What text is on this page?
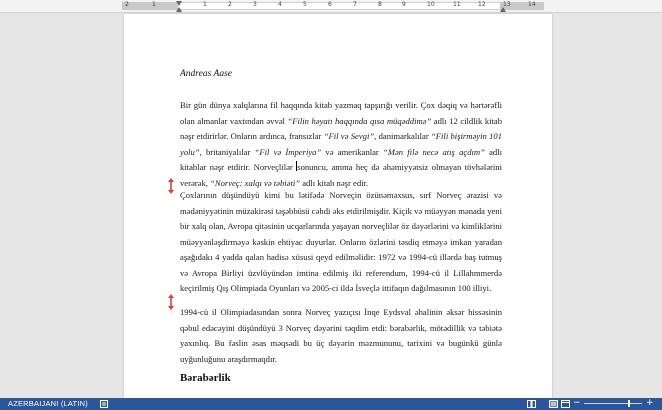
2	1	1	2	3	4	5	6	7	8	9	10	11	12	13	14
Andreas Aase
Bir gün dünya xalqlarına fil haqqında kitab yazmaq tapşırığı verilir. Çox dəqiq və hərtərəfli olan almanlar vaxtından əvvəl “Filin həyatı haqqında qısa müqəddimə” adlı 12 cildlik kitab nəşr etdirirlər. Onların ardınca, fransızlar “Fil və Sevgi”, danimarkalılar “Fili bişirməyin 101 yolu”, britaniyalılar “Fil və İmperiya” və amerikanlar “Mən filə necə atış açdım” adlı kitablar nəşr etdirir. Norveçlilər sonuncu, amma heç də əhəmiyyətsiz olmayan tövhələrini verərək, “Norveç: xalqı və təbiəti” adlı kitab nəşr edir.
Çoxlarının düşündüyü kimi bu lətifədə Norveçin özünəməxsus, sırf Norveç ərazisi və mədəniyyətinin müzakirəsi təşəbbüsü cəhdi əks etdirilmişdir. Kiçik və müəyyən mənada yeni bir xalq olan, Avropa qitəsinin ucqarlarında yaşayan norveçlilər öz dəyərlərini və kimliklərini müəyyənləşdirməyə kəskin ehtiyac duyurlar. Onların özlərini təsdiq etməyə imkan yaradan aşağıdakı 4 yadda qalan hadisə xüsusi qeyd edilməlidir: 1972 və 1994-cü illərdə baş tutmuş və Avropa Birliyi üzvlüyündən imtina edilmiş iki referendum, 1994-cü il Lillahmmerdə keçirilmiş Qış Olimpiada Oyunları və 2005-ci ildə İsveçlə ittifaqın dağılmasının 100 illiyi.
1994-cü il Olimpiadasından sonra Norveç yazıçısı İnqe Eydsval əhalinin əksər hissəsinin qəbul edəcəyini düşündüyü 3 Norveç dəyərini təqdim etdi: bərabərlik, mötədillik və təbiətə yaxınlıq. Bu fəslin əsas məqsədi bu üç dəyərin məzmununu, tarixini və bugünkü günlə uyğunluğunu araşdırmaqdır.
Bərabərlik
AZERBAIJANI (LATIN)	−	+
